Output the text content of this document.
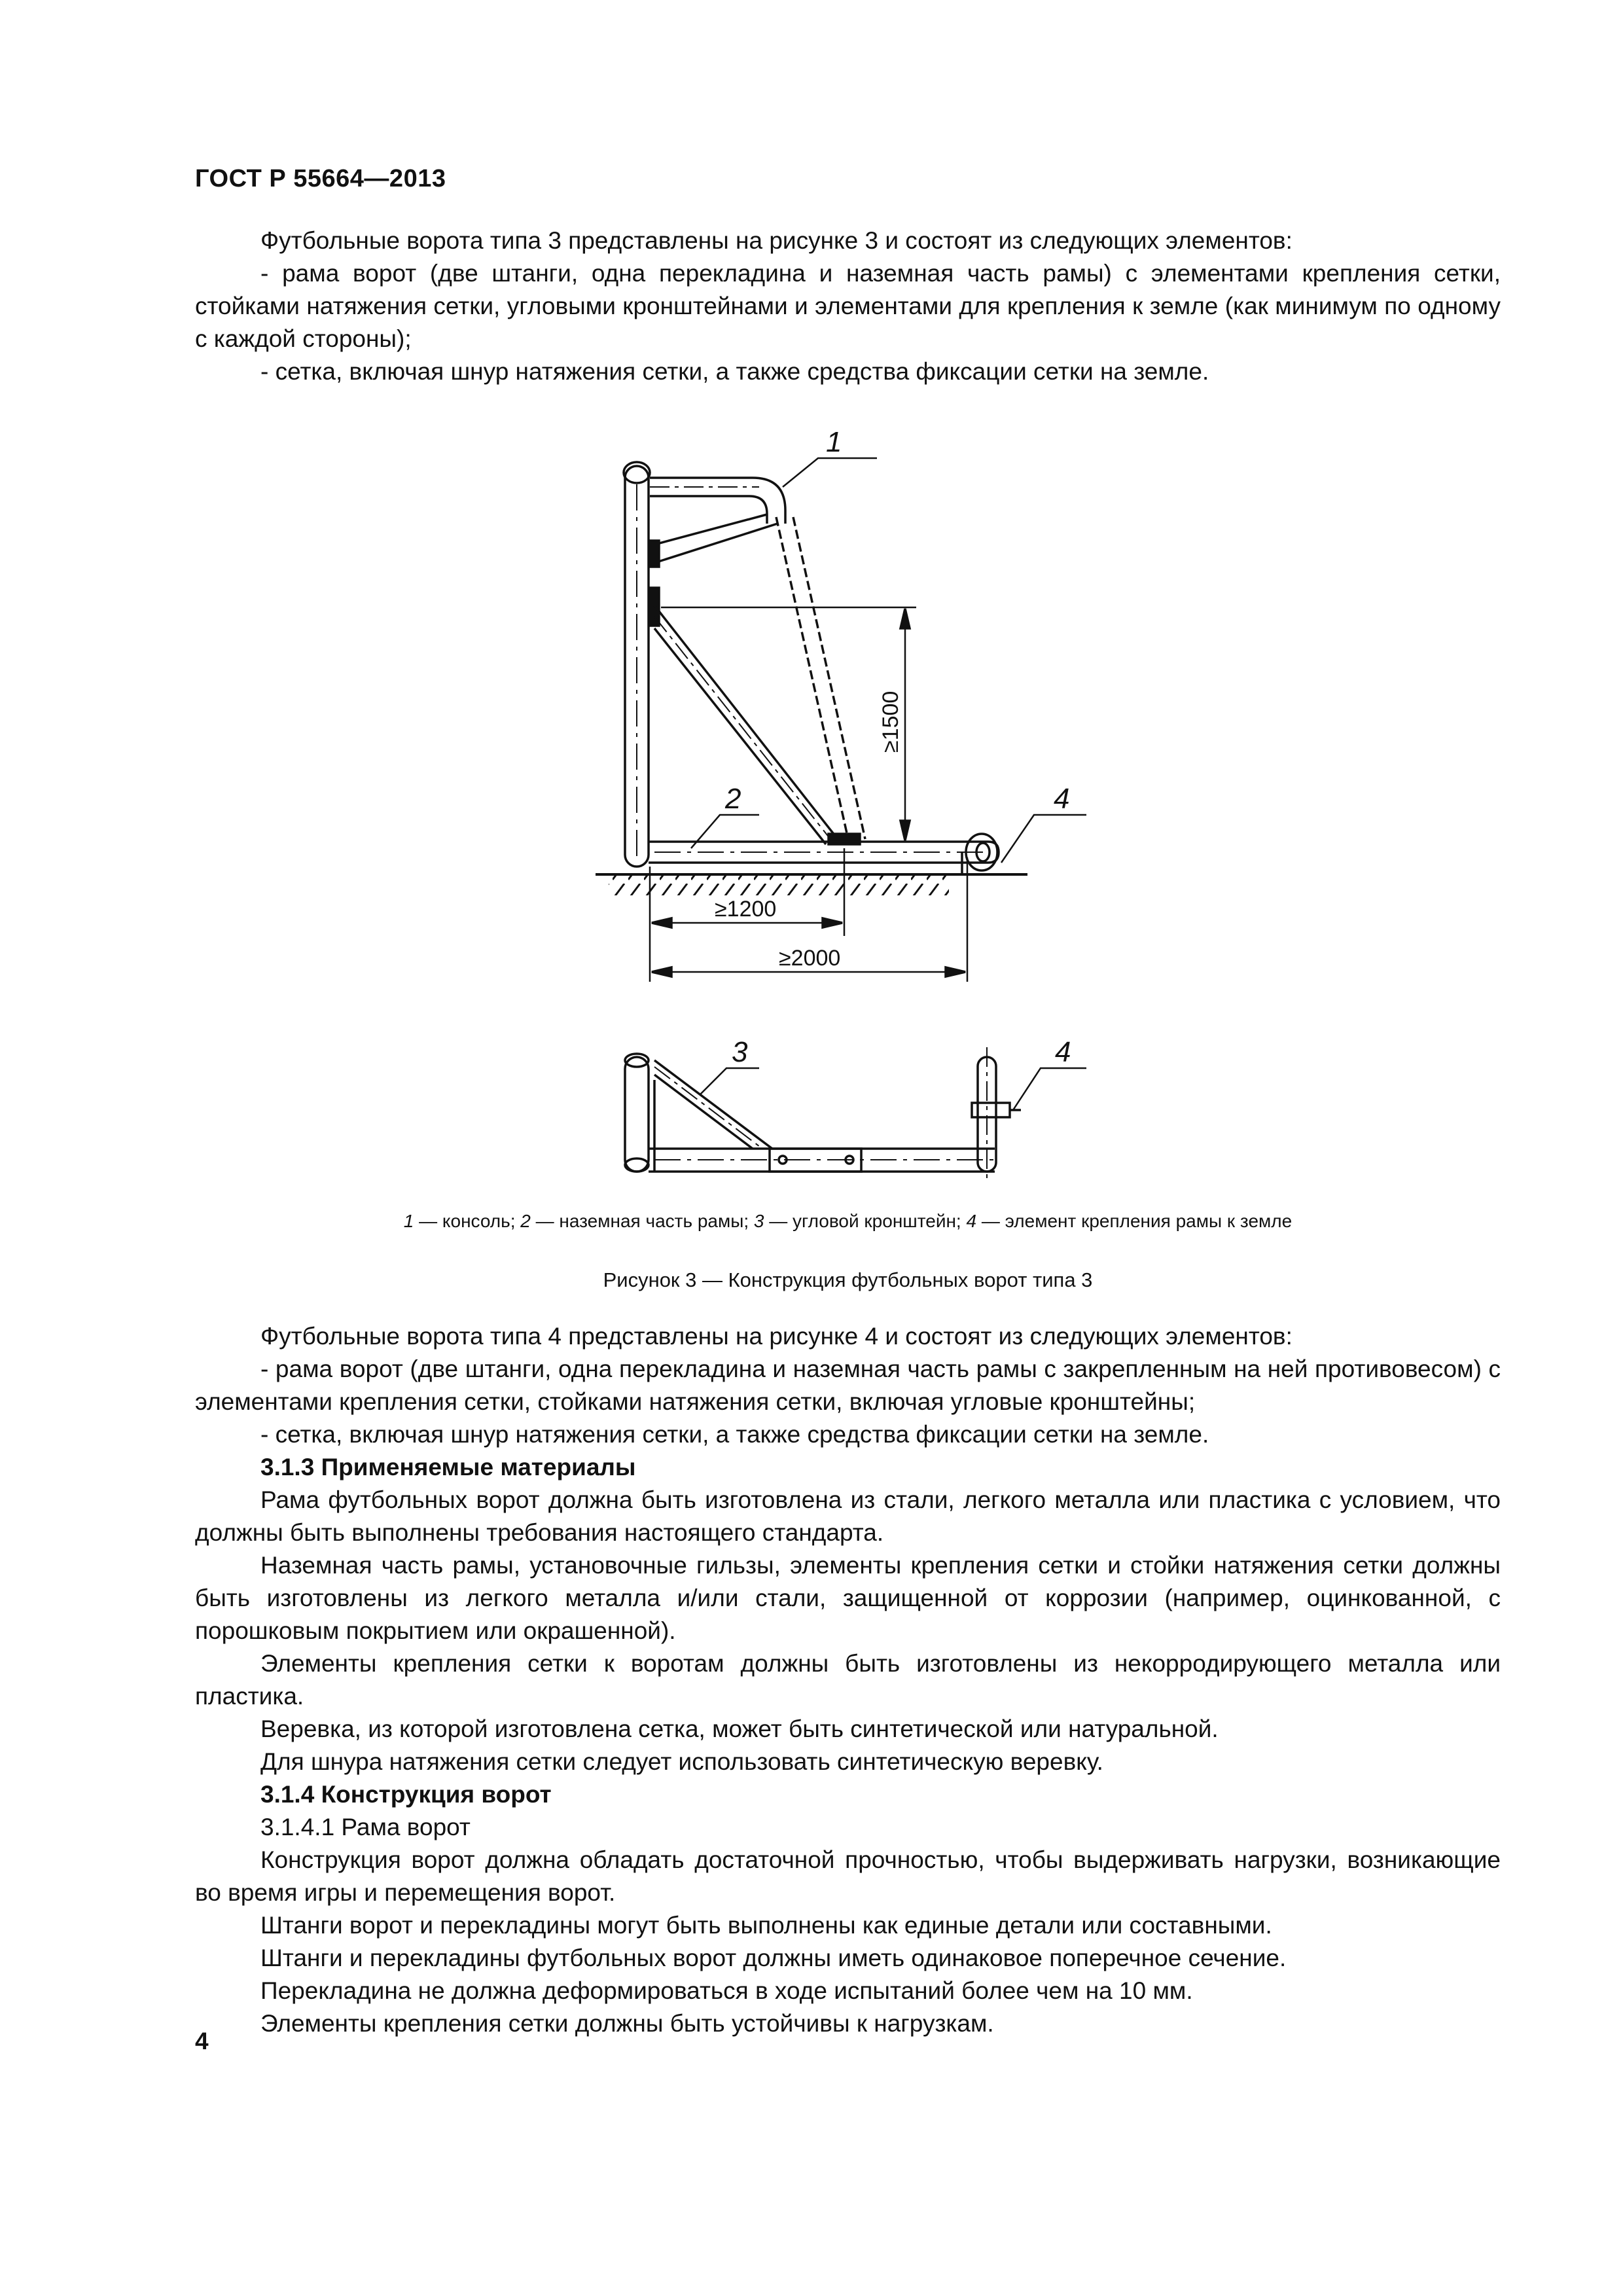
ГОСТ Р 55664—2013

Футбольные ворота типа 3 представлены на рисунке 3 и состоят из следующих элементов:

- рама ворот (две штанги, одна перекладина и наземная часть рамы) с элементами крепления сетки, стойками натяжения сетки, угловыми кронштейнами и элементами для крепления к земле (как минимум по одному с каждой стороны);

- сетка, включая шнур натяжения сетки, а также средства фиксации сетки на земле.

1
2	4
3	4
≥1500
≥1200
≥2000
1 — консоль; 2 — наземная часть рамы; 3 — угловой кронштейн; 4 — элемент крепления рамы к земле
Рисунок 3 — Конструкция футбольных ворот типа 3

Футбольные ворота типа 4 представлены на рисунке 4 и состоят из следующих элементов:

- рама ворот (две штанги, одна перекладина и наземная часть рамы с закрепленным на ней противовесом) с элементами крепления сетки, стойками натяжения сетки, включая угловые кронштейны;

- сетка, включая шнур натяжения сетки, а также средства фиксации сетки на земле.

3.1.3 Применяемые материалы

Рама футбольных ворот должна быть изготовлена из стали, легкого металла или пластика с условием, что должны быть выполнены требования настоящего стандарта.

Наземная часть рамы, установочные гильзы, элементы крепления сетки и стойки натяжения сетки должны быть изготовлены из легкого металла и/или стали, защищенной от коррозии (например, оцинкованной, с порошковым покрытием или окрашенной).

Элементы крепления сетки к воротам должны быть изготовлены из некорродирующего металла или пластика.

Веревка, из которой изготовлена сетка, может быть синтетической или натуральной.

Для шнура натяжения сетки следует использовать синтетическую веревку.

3.1.4 Конструкция ворот

3.1.4.1 Рама ворот

Конструкция ворот должна обладать достаточной прочностью, чтобы выдерживать нагрузки, возникающие во время игры и перемещения ворот.

Штанги ворот и перекладины могут быть выполнены как единые детали или составными.

Штанги и перекладины футбольных ворот должны иметь одинаковое поперечное сечение.

Перекладина не должна деформироваться в ходе испытаний более чем на 10 мм.

Элементы крепления сетки должны быть устойчивы к нагрузкам.

4
